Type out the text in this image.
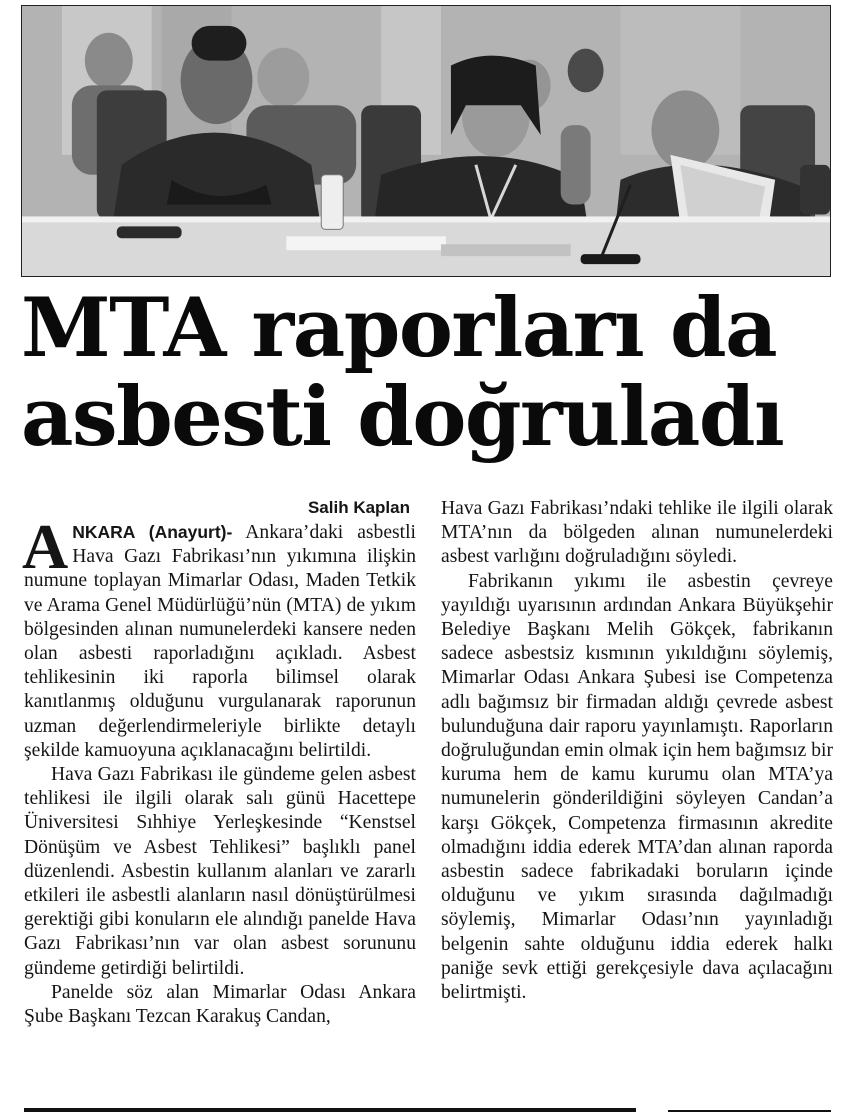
MTA raporları da
asbesti doğruladı
Salih Kaplan

ANKARA (Anayurt)- Ankara’daki asbestli Hava Gazı Fabrikası’nın yıkımına ilişkin numune toplayan Mimarlar Odası, Maden Tetkik ve Arama Genel Müdürlüğü’nün (MTA) de yıkım bölgesinden alınan numunelerdeki kansere neden olan asbesti raporladığını açıkladı. Asbest tehlikesinin iki raporla bilimsel olarak kanıtlanmış olduğunu vurgulanarak raporunun uzman değerlendirmeleriyle birlikte detaylı şekilde kamuoyuna açıklanacağını belirtildi.

Hava Gazı Fabrikası ile gündeme gelen asbest tehlikesi ile ilgili olarak salı günü Hacettepe Üniversitesi Sıhhiye Yerleşkesinde “Kenstsel Dönüşüm ve Asbest Tehlikesi” başlıklı panel düzenlendi. Asbestin kullanım alanları ve zararlı etkileri ile asbestli alanların nasıl dönüştürülmesi gerektiği gibi konuların ele alındığı panelde Hava Gazı Fabrikası’nın var olan asbest sorununu gündeme getirdiği belirtildi.

Panelde söz alan Mimarlar Odası Ankara Şube Başkanı Tezcan Karakuş Candan,

Hava Gazı Fabrikası’ndaki tehlike ile ilgili olarak MTA’nın da bölgeden alınan numunelerdeki asbest varlığını doğruladığını söyledi.

Fabrikanın yıkımı ile asbestin çevreye yayıldığı uyarısının ardından Ankara Büyükşehir Belediye Başkanı Melih Gökçek, fabrikanın sadece asbestsiz kısmının yıkıldığını söylemiş, Mimarlar Odası Ankara Şubesi ise Competenza adlı bağımsız bir firmadan aldığı çevrede asbest bulunduğuna dair raporu yayınlamıştı. Raporların doğruluğundan emin olmak için hem bağımsız bir kuruma hem de kamu kurumu olan MTA’ya numunelerin gönderildiğini söyleyen Candan’a karşı Gökçek, Competenza firmasının akredite olmadığını iddia ederek MTA’dan alınan raporda asbestin sadece fabrikadaki boruların içinde olduğunu ve yıkım sırasında dağılmadığı söylemiş, Mimarlar Odası’nın yayınladığı belgenin sahte olduğunu iddia ederek halkı paniğe sevk ettiği gerekçesiyle dava açılacağını belirtmişti.
